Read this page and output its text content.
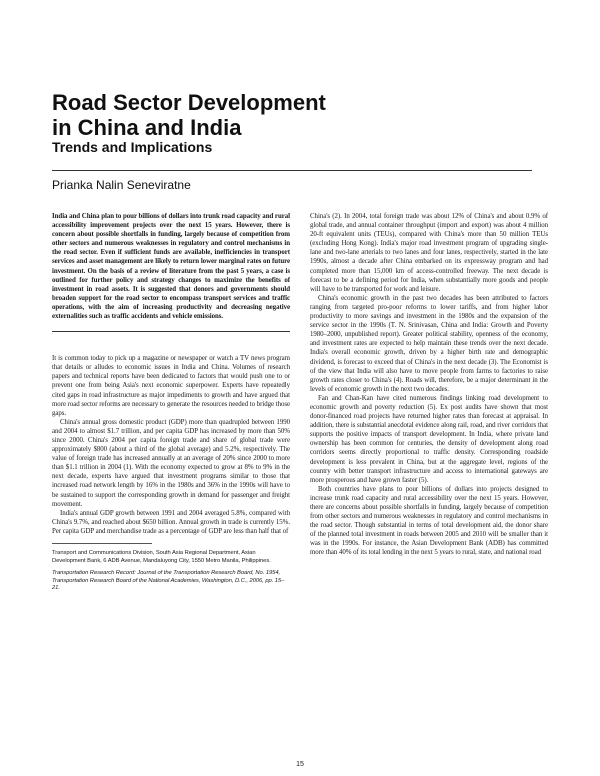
Road Sector Development
in China and India
Trends and Implications
Prianka Nalin Seneviratne

India and China plan to pour billions of dollars into trunk road capacity and rural accessibility improvement projects over the next 15 years. However, there is concern about possible shortfalls in funding, largely because of competition from other sectors and numerous weaknesses in regulatory and control mechanisms in the road sector. Even if sufficient funds are available, inefficiencies in transport services and asset management are likely to return lower marginal rates on future investment. On the basis of a review of literature from the past 5 years, a case is outlined for further policy and strategy changes to maximize the benefits of investment in road assets. It is suggested that donors and governments should broaden support for the road sector to encompass transport services and traffic operations, with the aim of increasing productivity and decreasing negative externalities such as traffic accidents and vehicle emissions.

It is common today to pick up a magazine or newspaper or watch a TV news program that details or alludes to economic issues in India and China. Volumes of research papers and technical reports have been dedicated to factors that would push one to or prevent one from being Asia's next economic superpower. Experts have repeatedly cited gaps in road infrastructure as major impediments to growth and have argued that more road sector reforms are necessary to generate the resources needed to bridge those gaps.

China's annual gross domestic product (GDP) more than quadrupled between 1990 and 2004 to almost $1.7 trillion, and per capita GDP has increased by more than 50% since 2000. China's 2004 per capita foreign trade and share of global trade were approximately $800 (about a third of the global average) and 5.2%, respectively. The value of foreign trade has increased annually at an average of 20% since 2000 to more than $1.1 trillion in 2004 (1). With the economy expected to grow at 8% to 9% in the next decade, experts have argued that investment programs similar to those that increased road network length by 16% in the 1980s and 36% in the 1990s will have to be sustained to support the corresponding growth in demand for passenger and freight movement.

India's annual GDP growth between 1991 and 2004 averaged 5.8%, compared with China's 9.7%, and reached about $650 billion. Annual growth in trade is currently 15%. Per capita GDP and merchandise trade as a percentage of GDP are less than half that of

Transport and Communications Division, South Asia Regional Department, Asian Development Bank, 6 ADB Avenue, Mandaluyong City, 1550 Metro Manila, Philippines.

Transportation Research Record: Journal of the Transportation Research Board, No. 1954, Transportation Research Board of the National Academies, Washington, D.C., 2006, pp. 15–21.

China's (2). In 2004, total foreign trade was about 12% of China's and about 0.9% of global trade, and annual container throughput (import and export) was about 4 million 20-ft equivalent units (TEUs), compared with China's more than 50 million TEUs (excluding Hong Kong). India's major road investment program of upgrading single-lane and two-lane arterials to two lanes and four lanes, respectively, started in the late 1990s, almost a decade after China embarked on its expressway program and had completed more than 15,000 km of access-controlled freeway. The next decade is forecast to be a defining period for India, when substantially more goods and people will have to be transported for work and leisure.

China's economic growth in the past two decades has been attributed to factors ranging from targeted pro-poor reforms to lower tariffs, and from higher labor productivity to more savings and investment in the 1980s and the expansion of the service sector in the 1990s (T. N. Srinivasan, China and India: Growth and Poverty 1980–2000, unpublished report). Greater political stability, openness of the economy, and investment rates are expected to help maintain these trends over the next decade. India's overall economic growth, driven by a higher birth rate and demographic dividend, is forecast to exceed that of China's in the next decade (3). The Economist is of the view that India will also have to move people from farms to factories to raise growth rates closer to China's (4). Roads will, therefore, be a major determinant in the levels of economic growth in the next two decades.

Fan and Chan-Kan have cited numerous findings linking road development to economic growth and poverty reduction (5). Ex post audits have shown that most donor-financed road projects have returned higher rates than forecast at appraisal. In addition, there is substantial anecdotal evidence along rail, road, and river corridors that supports the positive impacts of transport development. In India, where private land ownership has been common for centuries, the density of development along road corridors seems directly proportional to traffic density. Corresponding roadside development is less prevalent in China, but at the aggregate level, regions of the country with better transport infrastructure and access to international gateways are more prosperous and have grown faster (5).

Both countries have plans to pour billions of dollars into projects designed to increase trunk road capacity and rural accessibility over the next 15 years. However, there are concerns about possible shortfalls in funding, largely because of competition from other sectors and numerous weaknesses in regulatory and control mechanisms in the road sector. Though substantial in terms of total development aid, the donor share of the planned total investment in roads between 2005 and 2010 will be smaller than it was in the 1990s. For instance, the Asian Development Bank (ADB) has committed more than 40% of its total lending in the next 5 years to rural, state, and national road

15
